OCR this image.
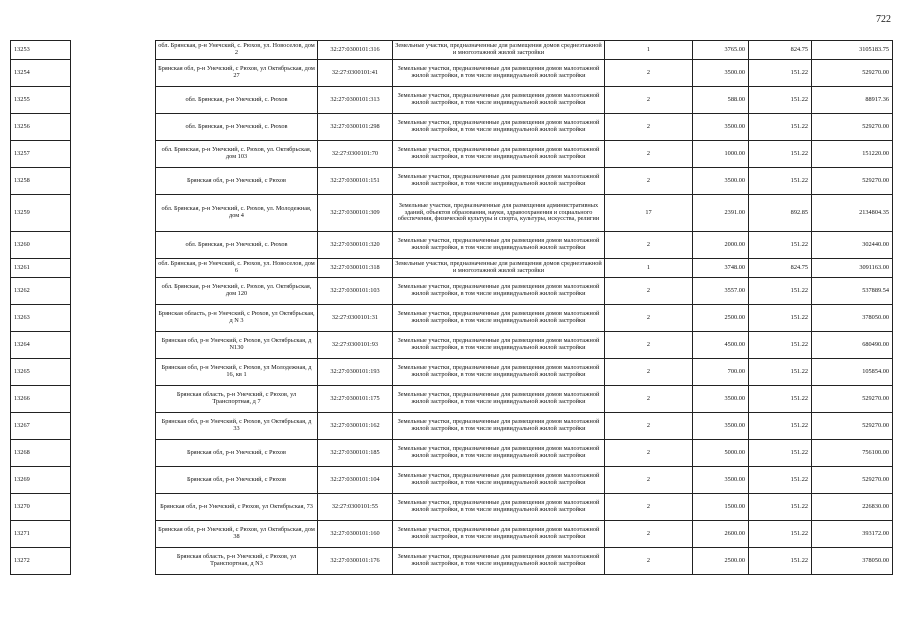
722
13253		обл. Брянская, р-н Унечский, с. Рюхов, ул. Новоселов, дом 2	32:27:0300101:316	Земельные участки, предназначенные для размещения домов среднеэтажной и многоэтажной жилой застройки	1	3765.00	824.75	3105183.75
13254		Брянская обл, р-н Унечский, с Рюхов, ул Октябрьская, дом 27	32:27:0300101:41	Земельные участки, предназначенные для размещения домов малоэтажной жилой застройки, в том числе индивидуальной жилой застройки	2	3500.00	151.22	529270.00
13255		обл. Брянская, р-н Унечский, с. Рюхов	32:27:0300101:313	Земельные участки, предназначенные для размещения домов малоэтажной жилой застройки, в том числе индивидуальной жилой застройки	2	588.00	151.22	88917.36
13256		обл. Брянская, р-н Унечский, с. Рюхов	32:27:0300101:298	Земельные участки, предназначенные для размещения домов малоэтажной жилой застройки, в том числе индивидуальной жилой застройки	2	3500.00	151.22	529270.00
13257		обл. Брянская, р-н Унечский, с. Рюхов, ул. Октябрьская, дом 103	32:27:0300101:70	Земельные участки, предназначенные для размещения домов малоэтажной жилой застройки, в том числе индивидуальной жилой застройки	2	1000.00	151.22	151220.00
13258		Брянская обл, р-н Унечский, с Рюхов	32:27:0300101:151	Земельные участки, предназначенные для размещения домов малоэтажной жилой застройки, в том числе индивидуальной жилой застройки	2	3500.00	151.22	529270.00
13259		обл. Брянская, р-н Унечский, с. Рюхов, ул. Молодежная, дом 4	32:27:0300101:309	Земельные участки, предназначенные для размещения административных зданий, объектов образования, науки, здравоохранения и социального обеспечения, физической культуры и спорта, культуры, искусства, религии	17	2391.00	892.85	2134804.35
13260		обл. Брянская, р-н Унечский, с. Рюхов	32:27:0300101:320	Земельные участки, предназначенные для размещения домов малоэтажной жилой застройки, в том числе индивидуальной жилой застройки	2	2000.00	151.22	302440.00
13261		обл. Брянская, р-н Унечский, с. Рюхов, ул. Новоселов, дом 6	32:27:0300101:318	Земельные участки, предназначенные для размещения домов среднеэтажной и многоэтажной жилой застройки	1	3748.00	824.75	3091163.00
13262		обл. Брянская, р-н Унечский, с. Рюхов, ул. Октябрьская, дом 120	32:27:0300101:103	Земельные участки, предназначенные для размещения домов малоэтажной жилой застройки, в том числе индивидуальной жилой застройки	2	3557.00	151.22	537889.54
13263		Брянская область, р-н Унечский, с Рюхов, ул Октябрьская, д N 3	32:27:0300101:31	Земельные участки, предназначенные для размещения домов малоэтажной жилой застройки, в том числе индивидуальной жилой застройки	2	2500.00	151.22	378050.00
13264		Брянская обл, р-н Унечский, с Рюхов, ул Октябрьская, д N130	32:27:0300101:93	Земельные участки, предназначенные для размещения домов малоэтажной жилой застройки, в том числе индивидуальной жилой застройки	2	4500.00	151.22	680490.00
13265		Брянская обл, р-н Унечский, с Рюхов, ул Молодежная, д 16, кв 1	32:27:0300101:193	Земельные участки, предназначенные для размещения домов малоэтажной жилой застройки, в том числе индивидуальной жилой застройки	2	700.00	151.22	105854.00
13266		Брянская область, р-н Унечский, с Рюхов, ул Транспортная, д 7	32:27:0300101:175	Земельные участки, предназначенные для размещения домов малоэтажной жилой застройки, в том числе индивидуальной жилой застройки	2	3500.00	151.22	529270.00
13267		Брянская обл, р-н Унечский, с Рюхов, ул Октябрьская, д 33	32:27:0300101:162	Земельные участки, предназначенные для размещения домов малоэтажной жилой застройки, в том числе индивидуальной жилой застройки	2	3500.00	151.22	529270.00
13268		Брянская обл, р-н Унечский, с Рюхов	32:27:0300101:185	Земельные участки, предназначенные для размещения домов малоэтажной жилой застройки, в том числе индивидуальной жилой застройки	2	5000.00	151.22	756100.00
13269		Брянская обл, р-н Унечский, с Рюхов	32:27:0300101:104	Земельные участки, предназначенные для размещения домов малоэтажной жилой застройки, в том числе индивидуальной жилой застройки	2	3500.00	151.22	529270.00
13270		Брянская обл, р-н Унечский, с Рюхов, ул Октябрьская, 73	32:27:0300101:55	Земельные участки, предназначенные для размещения домов малоэтажной жилой застройки, в том числе индивидуальной жилой застройки	2	1500.00	151.22	226830.00
13271		Брянская обл, р-н Унечский, с Рюхов, ул Октябрьская, дом 38	32:27:0300101:160	Земельные участки, предназначенные для размещения домов малоэтажной жилой застройки, в том числе индивидуальной жилой застройки	2	2600.00	151.22	393172.00
13272		Брянская область, р-н Унечский, с Рюхов, ул Транспортная, д N3	32:27:0300101:176	Земельные участки, предназначенные для размещения домов малоэтажной жилой застройки, в том числе индивидуальной жилой застройки	2	2500.00	151.22	378050.00
